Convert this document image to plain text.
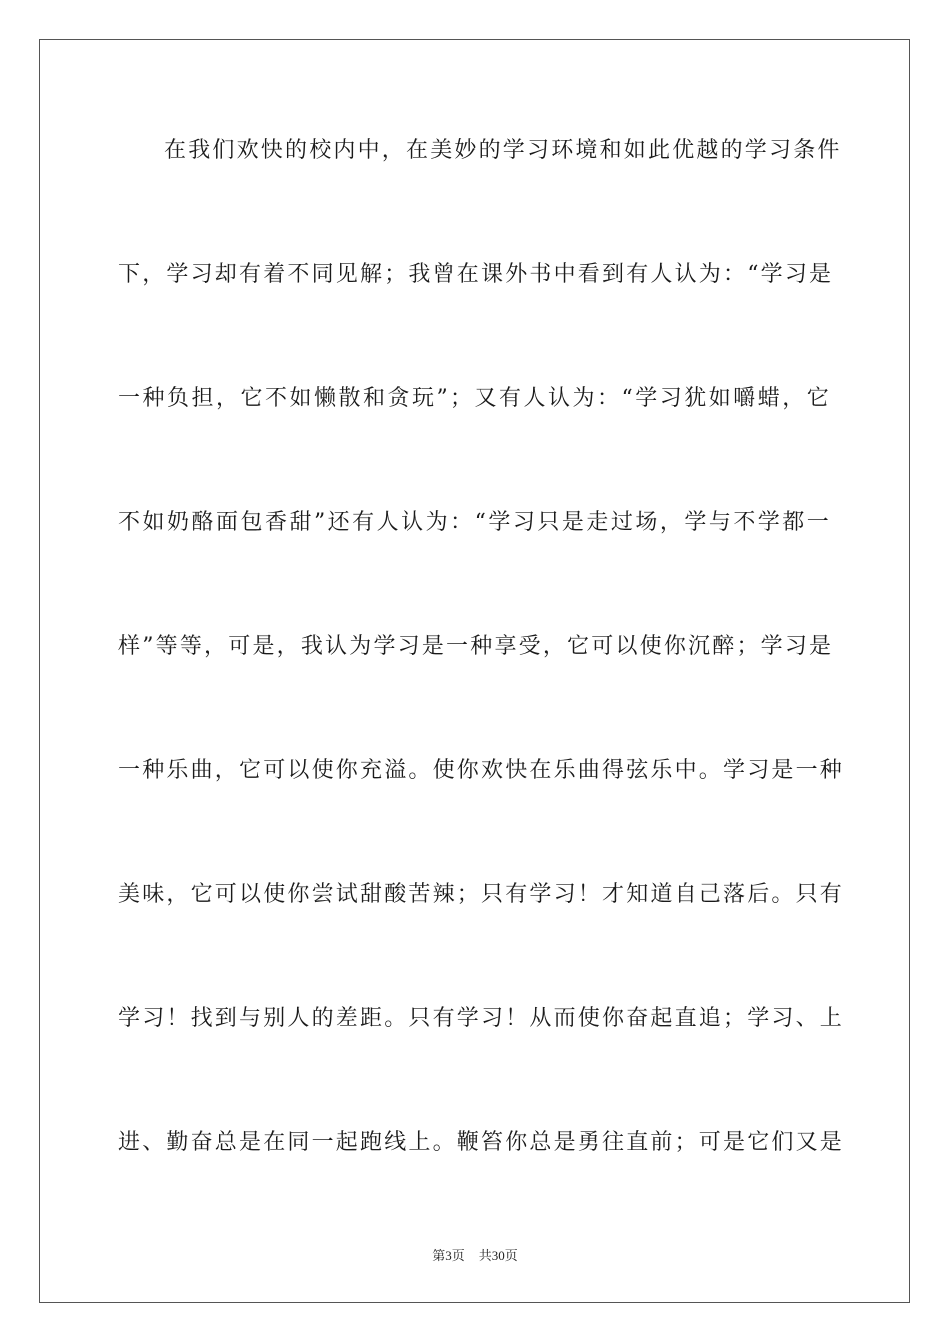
在我们欢快的校内中，在美妙的学习环境和如此优越的学习条件
下，学习却有着不同见解；我曾在课外书中看到有人认为：“学习是
一种负担，它不如懒散和贪玩”；又有人认为：“学习犹如嚼蜡，它
不如奶酪面包香甜”还有人认为：“学习只是走过场，学与不学都一
样”等等，可是，我认为学习是一种享受，它可以使你沉醉；学习是
一种乐曲，它可以使你充溢。使你欢快在乐曲得弦乐中。学习是一种
美味，它可以使你尝试甜酸苦辣；只有学习！才知道自己落后。只有
学习！找到与别人的差距。只有学习！从而使你奋起直追；学习、上
进、勤奋总是在同一起跑线上。鞭笞你总是勇往直前；可是它们又是
第3页 共30页
